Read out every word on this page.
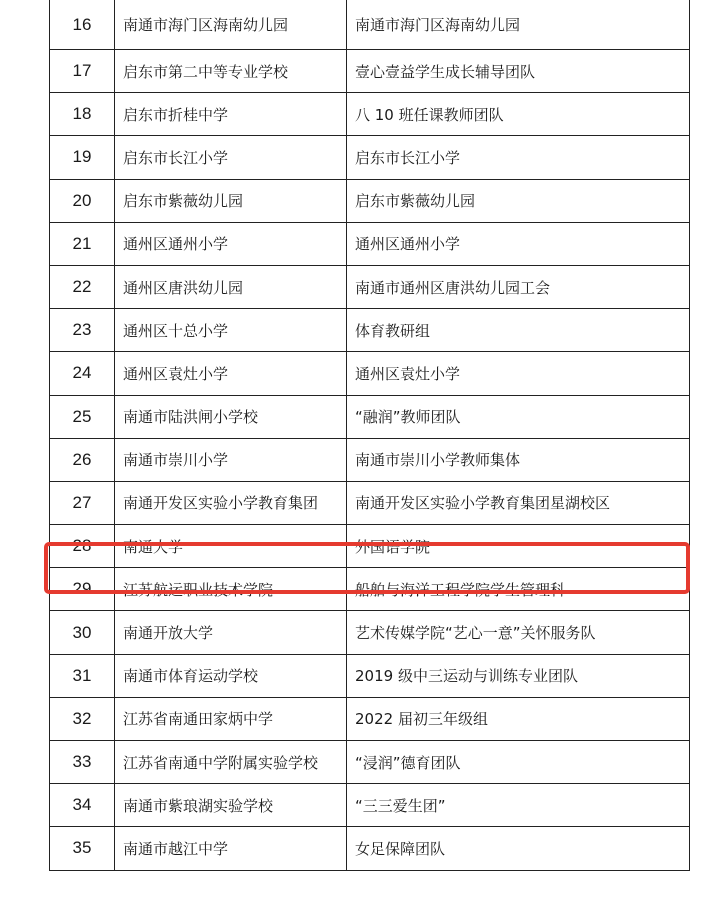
16	南通市海门区海南幼儿园	南通市海门区海南幼儿园
17	启东市第二中等专业学校	壹心壹益学生成长辅导团队
18	启东市折桂中学	八 10 班任课教师团队
19	启东市长江小学	启东市长江小学
20	启东市紫薇幼儿园	启东市紫薇幼儿园
21	通州区通州小学	通州区通州小学
22	通州区唐洪幼儿园	南通市通州区唐洪幼儿园工会
23	通州区十总小学	体育教研组
24	通州区袁灶小学	通州区袁灶小学
25	南通市陆洪闸小学校	“融润”教师团队
26	南通市崇川小学	南通市崇川小学教师集体
27	南通开发区实验小学教育集团	南通开发区实验小学教育集团星湖校区
28	南通大学	外国语学院
29	江苏航运职业技术学院	船舶与海洋工程学院学生管理科
30	南通开放大学	艺术传媒学院“艺心一意”关怀服务队
31	南通市体育运动学校	2019 级中三运动与训练专业团队
32	江苏省南通田家炳中学	2022 届初三年级组
33	江苏省南通中学附属实验学校	“浸润”德育团队
34	南通市紫琅湖实验学校	“三三爱生团”
35	南通市越江中学	女足保障团队
